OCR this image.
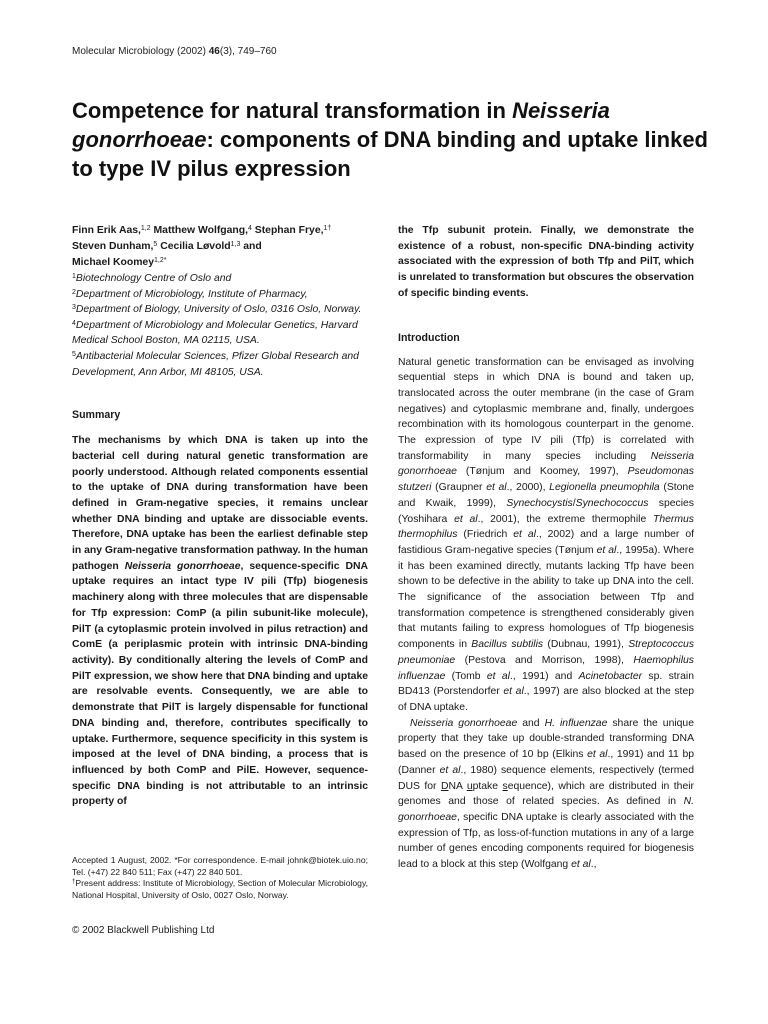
Molecular Microbiology (2002) 46(3), 749–760
Competence for natural transformation in Neisseria gonorrhoeae: components of DNA binding and uptake linked to type IV pilus expression

Finn Erik Aas,$^{1,2}$ Matthew Wolfgang,$^4$ Stephan Frye,$^{1\dagger}$
Steven Dunham,$^5$ Cecilia Løvold$^{1,3}$ and
Michael Koomey$^{1,2*}$

$^1$Biotechnology Centre of Oslo and
$^2$Department of Microbiology, Institute of Pharmacy,
$^3$Department of Biology, University of Oslo, 0316 Oslo, Norway.
$^4$Department of Microbiology and Molecular Genetics, Harvard Medical School Boston, MA 02115, USA.
$^5$Antibacterial Molecular Sciences, Pfizer Global Research and Development, Ann Arbor, MI 48105, USA.
Summary

The mechanisms by which DNA is taken up into the bacterial cell during natural genetic transformation are poorly understood. Although related components essential to the uptake of DNA during transformation have been defined in Gram-negative species, it remains unclear whether DNA binding and uptake are dissociable events. Therefore, DNA uptake has been the earliest definable step in any Gram-negative transformation pathway. In the human pathogen Neisseria gonorrhoeae, sequence-specific DNA uptake requires an intact type IV pili (Tfp) biogenesis machinery along with three molecules that are dispensable for Tfp expression: ComP (a pilin subunit-like molecule), PilT (a cytoplasmic protein involved in pilus retraction) and ComE (a periplasmic protein with intrinsic DNA-binding activity). By conditionally altering the levels of ComP and PilT expression, we show here that DNA binding and uptake are resolvable events. Consequently, we are able to demonstrate that PilT is largely dispensable for functional DNA binding and, therefore, contributes specifically to uptake. Furthermore, sequence specificity in this system is imposed at the level of DNA binding, a process that is influenced by both ComP and PilE. However, sequence-specific DNA binding is not attributable to an intrinsic property of

the Tfp subunit protein. Finally, we demonstrate the existence of a robust, non-specific DNA-binding activity associated with the expression of both Tfp and PilT, which is unrelated to transformation but obscures the observation of specific binding events.

Introduction

Natural genetic transformation can be envisaged as involving sequential steps in which DNA is bound and taken up, translocated across the outer membrane (in the case of Gram negatives) and cytoplasmic membrane and, finally, undergoes recombination with its homologous counterpart in the genome. The expression of type IV pili (Tfp) is correlated with transformability in many species including Neisseria gonorrhoeae (Tønjum and Koomey, 1997), Pseudomonas stutzeri (Graupner et al., 2000), Legionella pneumophila (Stone and Kwaik, 1999), Synechocystis/Synechococcus species (Yoshihara et al., 2001), the extreme thermophile Thermus thermophilus (Friedrich et al., 2002) and a large number of fastidious Gram-negative species (Tønjum et al., 1995a). Where it has been examined directly, mutants lacking Tfp have been shown to be defective in the ability to take up DNA into the cell. The significance of the association between Tfp and transformation competence is strengthened considerably given that mutants failing to express homologues of Tfp biogenesis components in Bacillus subtilis (Dubnau, 1991), Streptococcus pneumoniae (Pestova and Morrison, 1998), Haemophilus influenzae (Tomb et al., 1991) and Acinetobacter sp. strain BD413 (Porstendorfer et al., 1997) are also blocked at the step of DNA uptake.

Neisseria gonorrhoeae and H. influenzae share the unique property that they take up double-stranded transforming DNA based on the presence of 10 bp (Elkins et al., 1991) and 11 bp (Danner et al., 1980) sequence elements, respectively (termed DUS for DNA uptake sequence), which are distributed in their genomes and those of related species. As defined in N. gonorrhoeae, specific DNA uptake is clearly associated with the expression of Tfp, as loss-of-function mutations in any of a large number of genes encoding components required for biogenesis lead to a block at this step (Wolfgang et al.,

Accepted 1 August, 2002. *For correspondence. E-mail johnk@biotek.uio.no; Tel. (+47) 22 840 511; Fax (+47) 22 840 501.
†Present address: Institute of Microbiology, Section of Molecular Microbiology, National Hospital, University of Oslo, 0027 Oslo, Norway.

© 2002 Blackwell Publishing Ltd
